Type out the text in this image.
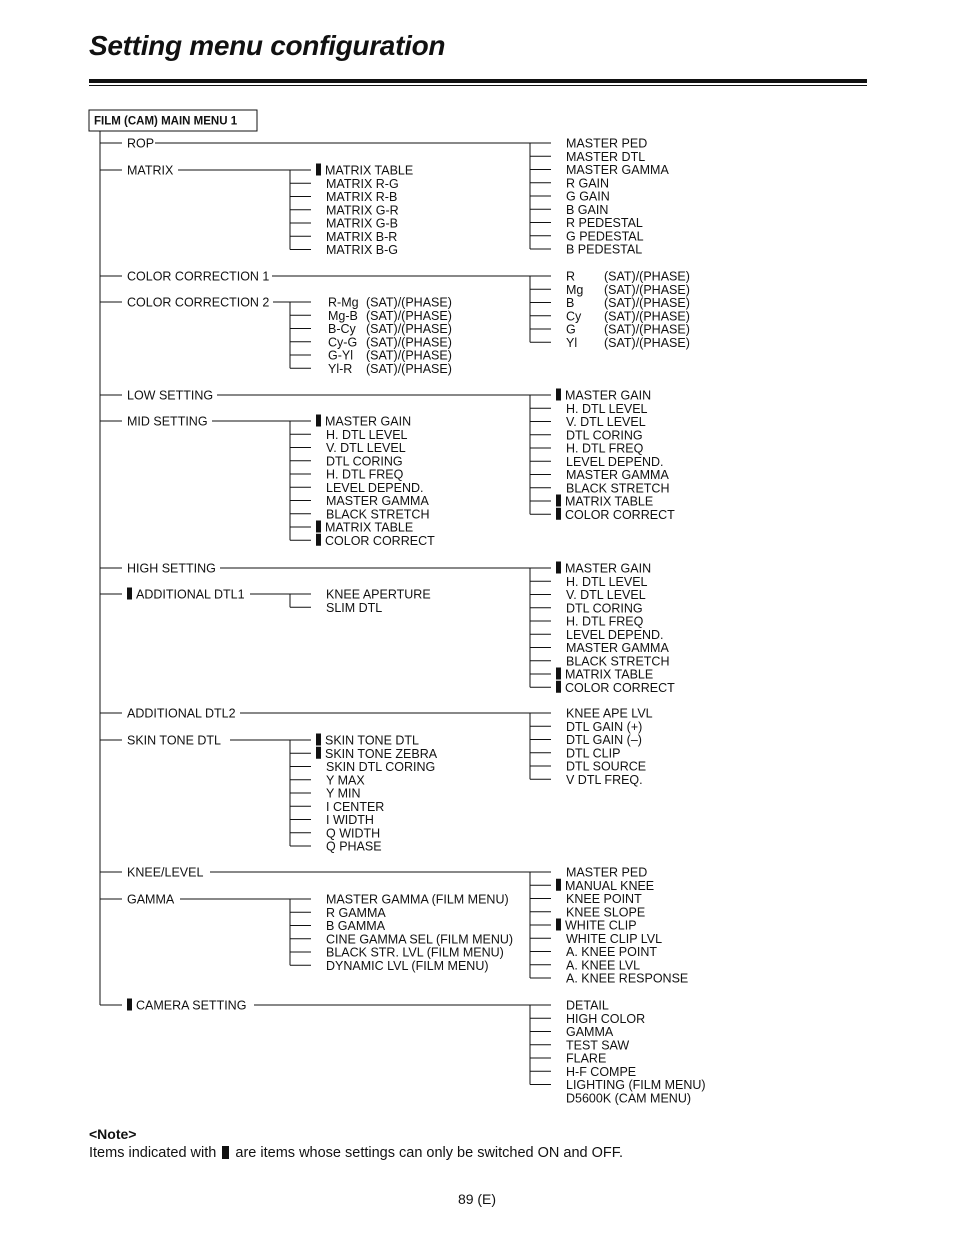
Setting menu configuration
FILM (CAM) MAIN MENU 1
ROP
MATRIX
COLOR CORRECTION 1
COLOR CORRECTION 2
LOW SETTING
MID SETTING
HIGH SETTING
ADDITIONAL DTL1
ADDITIONAL DTL2
SKIN TONE DTL
KNEE/LEVEL
GAMMA
CAMERA SETTING
MATRIX TABLE
MATRIX R-G
MATRIX R-B
MATRIX G-R
MATRIX G-B
MATRIX B-R
MATRIX B-G
R-Mg (SAT)/(PHASE)
Mg-B (SAT)/(PHASE)
B-Cy (SAT)/(PHASE)
Cy-G (SAT)/(PHASE)
G-Yl (SAT)/(PHASE)
Yl-R (SAT)/(PHASE)
MASTER GAIN
H. DTL LEVEL
V. DTL LEVEL
DTL CORING
H. DTL FREQ
LEVEL DEPEND.
MASTER GAMMA
BLACK STRETCH
MATRIX TABLE
COLOR CORRECT
KNEE APERTURE
SLIM DTL
SKIN TONE DTL
SKIN TONE ZEBRA
SKIN DTL CORING
Y MAX
Y MIN
I CENTER
I WIDTH
Q WIDTH
Q PHASE
MASTER GAMMA (FILM MENU)
R GAMMA
B GAMMA
CINE GAMMA SEL (FILM MENU)
BLACK STR. LVL (FILM MENU)
DYNAMIC LVL (FILM MENU)
MASTER PED
MASTER DTL
MASTER GAMMA
R GAIN
G GAIN
B GAIN
R PEDESTAL
G PEDESTAL
B PEDESTAL
R (SAT)/(PHASE)
Mg (SAT)/(PHASE)
B (SAT)/(PHASE)
Cy (SAT)/(PHASE)
G (SAT)/(PHASE)
Yl (SAT)/(PHASE)
MASTER GAIN
H. DTL LEVEL
V. DTL LEVEL
DTL CORING
H. DTL FREQ
LEVEL DEPEND.
MASTER GAMMA
BLACK STRETCH
MATRIX TABLE
COLOR CORRECT
MASTER GAIN
H. DTL LEVEL
V. DTL LEVEL
DTL CORING
H. DTL FREQ
LEVEL DEPEND.
MASTER GAMMA
BLACK STRETCH
MATRIX TABLE
COLOR CORRECT
KNEE APE LVL
DTL GAIN (+)
DTL GAIN (–)
DTL CLIP
DTL SOURCE
V DTL FREQ.
MASTER PED
MANUAL KNEE
KNEE POINT
KNEE SLOPE
WHITE CLIP
WHITE CLIP LVL
A. KNEE POINT
A. KNEE LVL
A. KNEE RESPONSE
DETAIL
HIGH COLOR
GAMMA
TEST SAW
FLARE
H-F COMPE
LIGHTING (FILM MENU)
D5600K (CAM MENU)

<Note>

Items indicated with are items whose settings can only be switched ON and OFF.

89 (E)
